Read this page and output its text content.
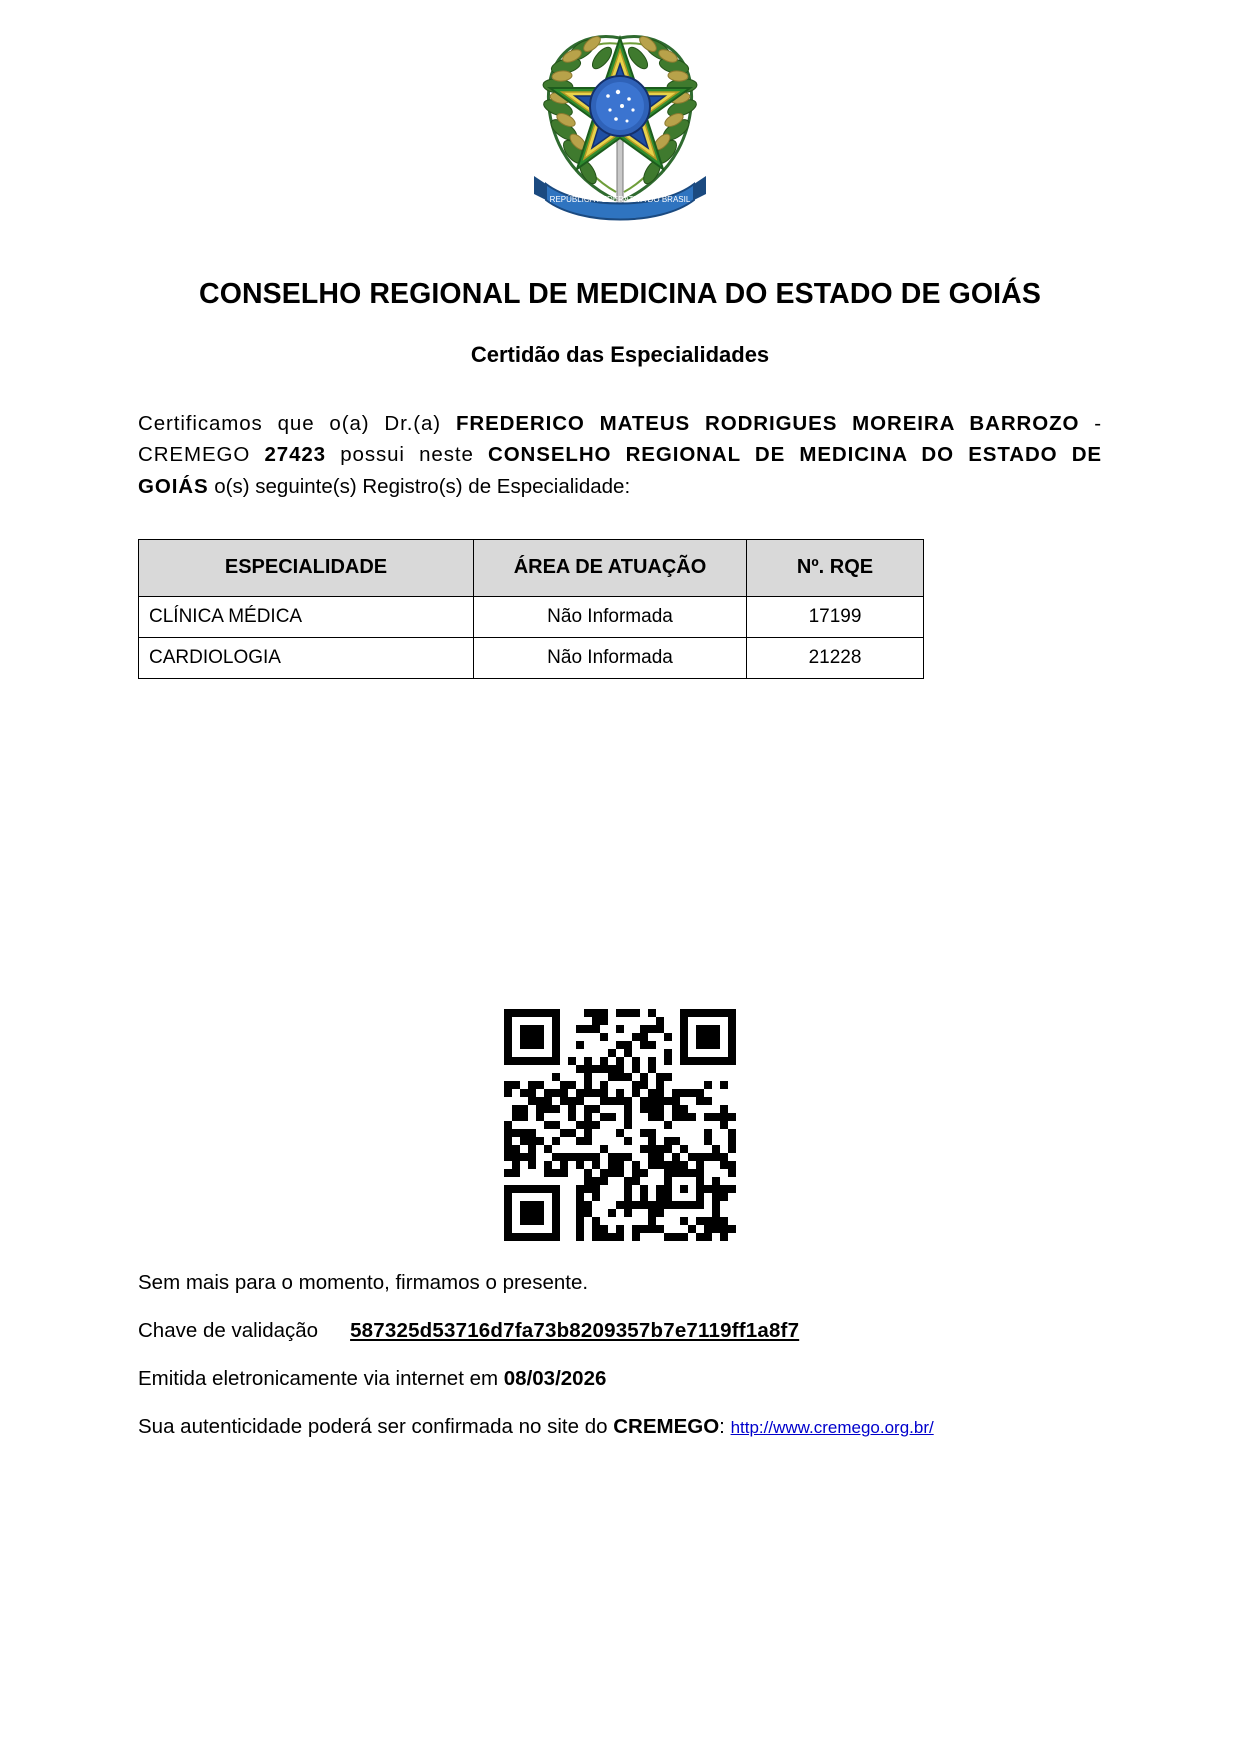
REPÚBLICA FEDERATIVA DO BRASIL
CONSELHO REGIONAL DE MEDICINA DO ESTADO DE GOIÁS
Certidão das Especialidades

Certificamos que o(a) Dr.(a) FREDERICO MATEUS RODRIGUES MOREIRA BARROZO - CREMEGO 27423 possui neste CONSELHO REGIONAL DE MEDICINA DO ESTADO DE GOIÁS o(s) seguinte(s) Registro(s) de Especialidade:

ESPECIALIDADE	ÁREA DE ATUAÇÃO	Nº. RQE
CLÍNICA MÉDICA	Não Informada	17199
CARDIOLOGIA	Não Informada	21228
Sem mais para o momento, firmamos o presente.
Chave de validação 587325d53716d7fa73b8209357b7e7119ff1a8f7
Emitida eletronicamente via internet em 08/03/2026
Sua autenticidade poderá ser confirmada no site do CREMEGO: http://www.cremego.org.br/
